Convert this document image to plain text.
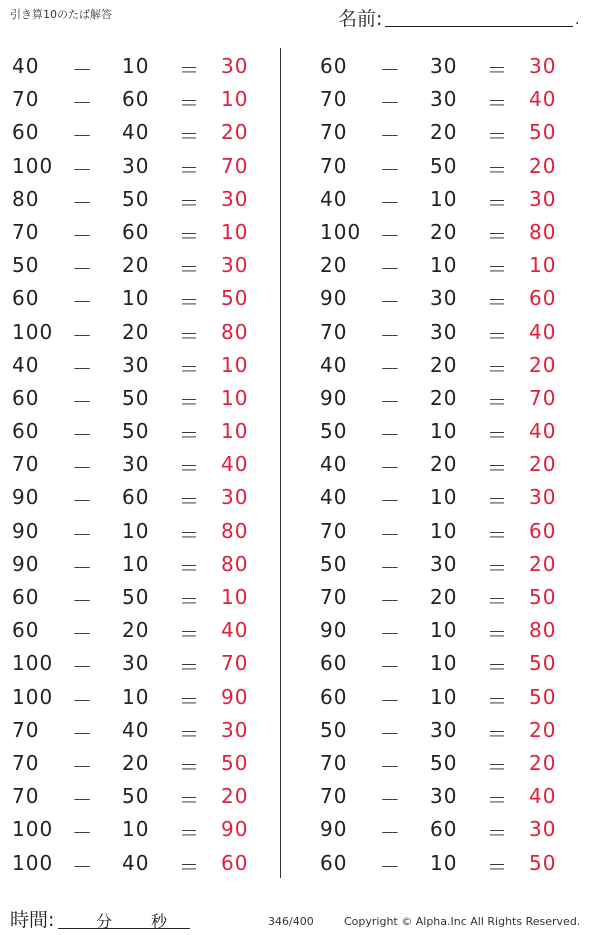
引き算10のたば解答	名前:	.
40 － 10 ＝ 30
70 － 60 ＝ 10
60 － 40 ＝ 20
100 － 30 ＝ 70
80 － 50 ＝ 30
70 － 60 ＝ 10
50 － 20 ＝ 30
60 － 10 ＝ 50
100 － 20 ＝ 80
40 － 30 ＝ 10
60 － 50 ＝ 10
60 － 50 ＝ 10
70 － 30 ＝ 40
90 － 60 ＝ 30
90 － 10 ＝ 80
90 － 10 ＝ 80
60 － 50 ＝ 10
60 － 20 ＝ 40
100 － 30 ＝ 70
100 － 10 ＝ 90
70 － 40 ＝ 30
70 － 20 ＝ 50
70 － 50 ＝ 20
100 － 10 ＝ 90
100 － 40 ＝ 60
60 － 30 ＝ 30
70 － 30 ＝ 40
70 － 20 ＝ 50
70 － 50 ＝ 20
40 － 10 ＝ 30
100 － 20 ＝ 80
20 － 10 ＝ 10
90 － 30 ＝ 60
70 － 30 ＝ 40
40 － 20 ＝ 20
90 － 20 ＝ 70
50 － 10 ＝ 40
40 － 20 ＝ 20
40 － 10 ＝ 30
70 － 10 ＝ 60
50 － 30 ＝ 20
70 － 20 ＝ 50
90 － 10 ＝ 80
60 － 10 ＝ 50
60 － 10 ＝ 50
50 － 30 ＝ 20
70 － 50 ＝ 20
70 － 30 ＝ 40
90 － 60 ＝ 30
60 － 10 ＝ 50
時間:	分 秒	346/400	Copyright © Alpha.Inc All Rights Reserved.
